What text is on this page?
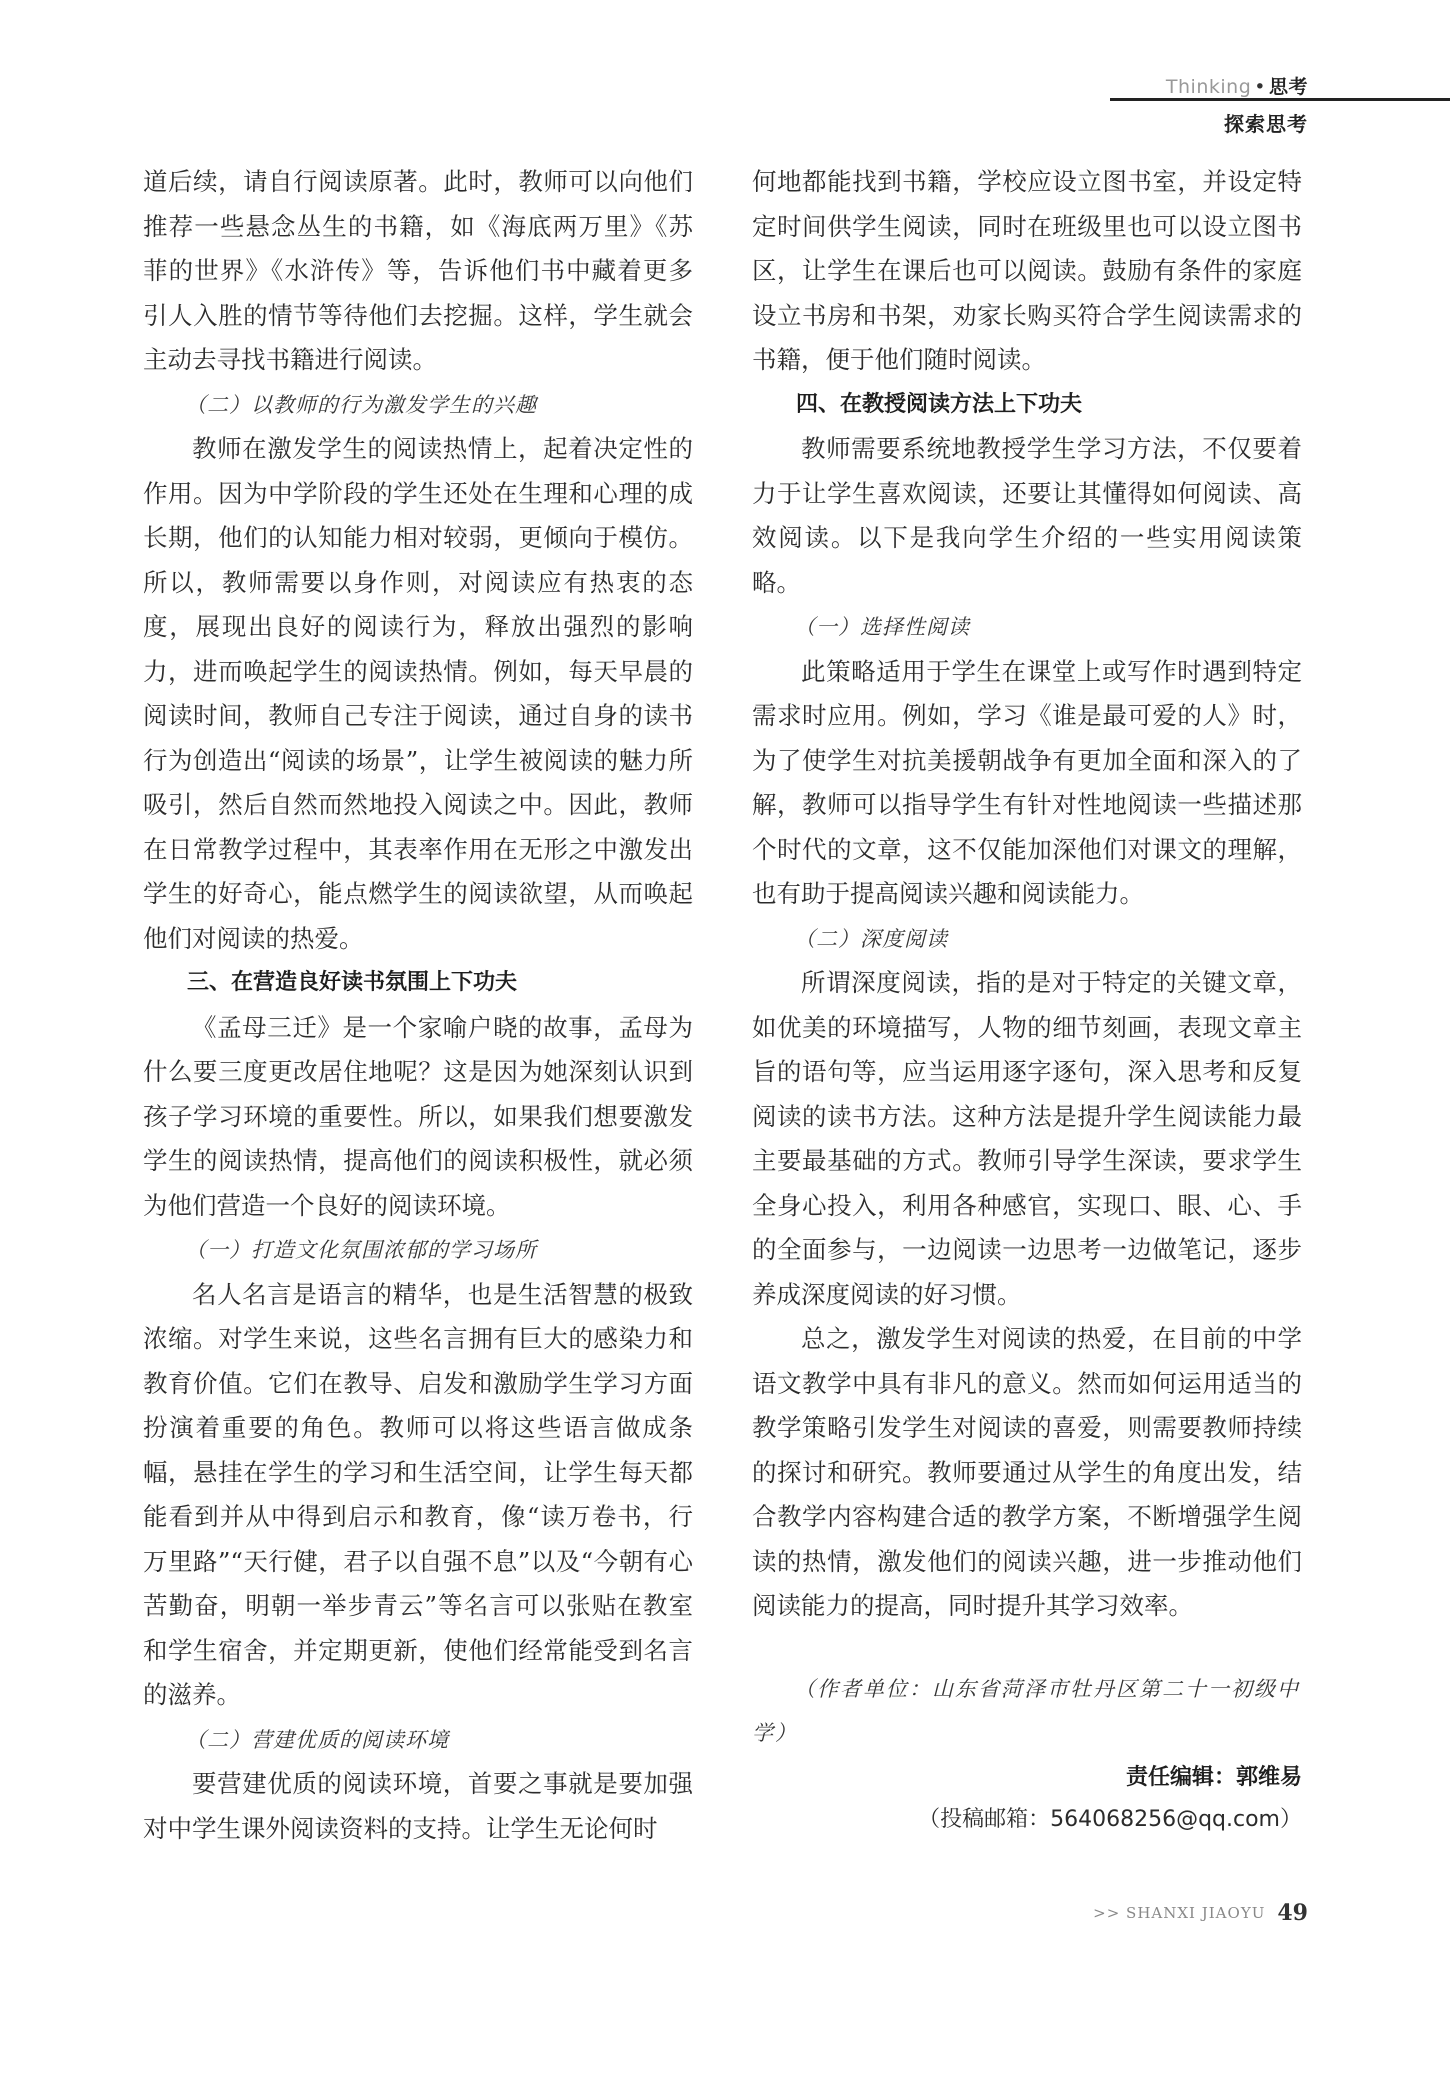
Thinking • 思考
探索思考

道后续，请自行阅读原著。此时，教师可以向他们推荐一些悬念丛生的书籍，如《海底两万里》《苏菲的世界》《水浒传》等，告诉他们书中藏着更多引人入胜的情节等待他们去挖掘。这样，学生就会主动去寻找书籍进行阅读。

（二）以教师的行为激发学生的兴趣

教师在激发学生的阅读热情上，起着决定性的作用。因为中学阶段的学生还处在生理和心理的成长期，他们的认知能力相对较弱，更倾向于模仿。所以，教师需要以身作则，对阅读应有热衷的态度，展现出良好的阅读行为，释放出强烈的影响力，进而唤起学生的阅读热情。例如，每天早晨的阅读时间，教师自己专注于阅读，通过自身的读书行为创造出“阅读的场景”，让学生被阅读的魅力所吸引，然后自然而然地投入阅读之中。因此，教师在日常教学过程中，其表率作用在无形之中激发出学生的好奇心，能点燃学生的阅读欲望，从而唤起他们对阅读的热爱。

三、在营造良好读书氛围上下功夫

《孟母三迁》是一个家喻户晓的故事，孟母为什么要三度更改居住地呢？这是因为她深刻认识到孩子学习环境的重要性。所以，如果我们想要激发学生的阅读热情，提高他们的阅读积极性，就必须为他们营造一个良好的阅读环境。

（一）打造文化氛围浓郁的学习场所

名人名言是语言的精华，也是生活智慧的极致浓缩。对学生来说，这些名言拥有巨大的感染力和教育价值。它们在教导、启发和激励学生学习方面扮演着重要的角色。教师可以将这些语言做成条幅，悬挂在学生的学习和生活空间，让学生每天都能看到并从中得到启示和教育，像“读万卷书，行万里路”“天行健，君子以自强不息”以及“今朝有心苦勤奋，明朝一举步青云”等名言可以张贴在教室和学生宿舍，并定期更新，使他们经常能受到名言的滋养。

（二）营建优质的阅读环境

要营建优质的阅读环境，首要之事就是要加强对中学生课外阅读资料的支持。让学生无论何时

何地都能找到书籍，学校应设立图书室，并设定特定时间供学生阅读，同时在班级里也可以设立图书区，让学生在课后也可以阅读。鼓励有条件的家庭设立书房和书架，劝家长购买符合学生阅读需求的书籍，便于他们随时阅读。

四、在教授阅读方法上下功夫

教师需要系统地教授学生学习方法，不仅要着力于让学生喜欢阅读，还要让其懂得如何阅读、高效阅读。以下是我向学生介绍的一些实用阅读策略。

（一）选择性阅读

此策略适用于学生在课堂上或写作时遇到特定需求时应用。例如，学习《谁是最可爱的人》时，为了使学生对抗美援朝战争有更加全面和深入的了解，教师可以指导学生有针对性地阅读一些描述那个时代的文章，这不仅能加深他们对课文的理解，也有助于提高阅读兴趣和阅读能力。

（二）深度阅读

所谓深度阅读，指的是对于特定的关键文章，如优美的环境描写，人物的细节刻画，表现文章主旨的语句等，应当运用逐字逐句，深入思考和反复阅读的读书方法。这种方法是提升学生阅读能力最主要最基础的方式。教师引导学生深读，要求学生全身心投入，利用各种感官，实现口、眼、心、手的全面参与，一边阅读一边思考一边做笔记，逐步养成深度阅读的好习惯。

总之，激发学生对阅读的热爱，在目前的中学语文教学中具有非凡的意义。然而如何运用适当的教学策略引发学生对阅读的喜爱，则需要教师持续的探讨和研究。教师要通过从学生的角度出发，结合教学内容构建合适的教学方案，不断增强学生阅读的热情，激发他们的阅读兴趣，进一步推动他们阅读能力的提高，同时提升其学习效率。

（作者单位：山东省菏泽市牡丹区第二十一初级中学）

责任编辑：郭维易

（投稿邮箱：564068256@qq.com）

>> SHANXI JIAOYU 49
